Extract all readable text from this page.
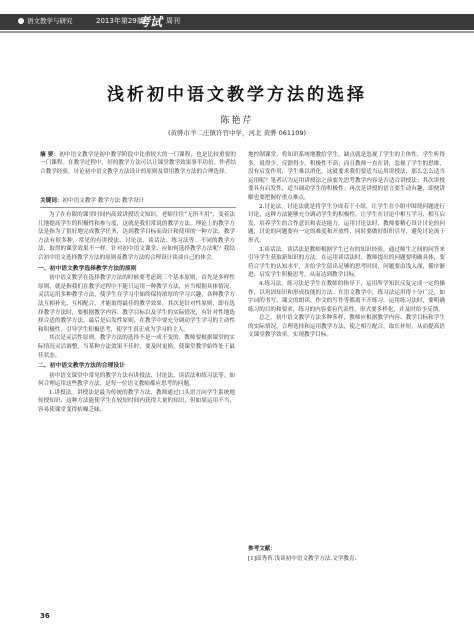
语文教学与研究	2013年第29期
考试 周刊
浅析初中语文教学方法的选择
陈艳芹
(黄骅市羊二庄镇许官中学，河北 黄骅 061109)
摘 要：初中语文教学是初中教学阶段中比重较大的一门课程，也是比较重要的一门课程。在教学过程中，好的教学方法可以让课堂教学效果事半功倍。作者结合教学经验，讨论初中语文教学方法设计的原则及常用教学方法的合理选择。
关键词：初中语文教学 教学方法 教学设计

为了在有限的课堂时间内高效讲授语文知识，老师往往“无所不用”，变着法儿地提高学生的积极性和参与度，这就是我们常说的教学方法。理论上的教学方法是指为了很好地完成教学任务，达到教学目标而设计和使用的一种方法。教学方法有很多种，常见的有讲授法、讨论法、谈话法、练习法等。不同的教学方法，取得的课堂效果不一样。针对初中语文课堂，应如何选择教学方法呢？我结合初中语文选择教学方法的原则及教学方法的合理设计谈谈自己的体会。

一、初中语文教学选择教学方法的原则

初中语文教学在选择教学方法的时候要考虑到三个基本原则，首先是多样性原则，就是指我们在教学过程中不能只运用一种教学方法，应当根据具体情况，灵活运用多种教学方法，使学生在学习中始终保持浓厚的学习兴趣，各种教学方法互相补充、互相配合，才能取得最佳的教学效果。其次是针对性原则，即在选择教学方法时，要根据教学内容、教学目标以及学生的实际情况，有针对性地选择合适的教学方法。最后是启发性原则，在教学中要充分调动学生学习的主动性和积极性，引导学生积极思考，使学生真正成为学习的主人。

其次是灵活性原则，教学方法的选择不是一成不变的，教师要根据课堂的实际情况灵活调整，当某种方法效果不佳时，要及时更换，使课堂教学始终处于最佳状态。

二、初中语文教学方法的合理设计

初中语文课堂中常见的教学方法有讲授法、讨论法、谈话法和练习法等。如何合理运用这些教学方法，是每一位语文教师都应思考的问题。

1.讲授法。讲授法是最为传统的教学方法，教师通过口头语言向学生系统地传授知识，这种方法能使学生在较短时间内获得大量的知识，但如果运用不当，容易使课堂变得枯燥乏味。

地控制课堂，将知识系统地教给学生，缺点就是忽视了学生的主体性，学生听得多，说得少，反馈得少，积极性不高；而且教师一直在讲，忽视了学生的思维，没有启发作用，学生难以消化。这就要求我们要适当运用讲授法，那么怎么适当运用呢？笔者认为运用讲授法之前要先思考教学内容是否适合讲授法；其次讲授要具有启发性，适当调动学生的积极性；再次是讲授的语言要生动有趣，即便讲解也要把握好重点难点。

2.讨论法。讨论法就是将学生分成若干小组，让学生在小组中围绕问题进行讨论，这种方法能够充分调动学生的积极性，让学生在讨论中相互学习、相互启发，培养学生的合作意识和表达能力。运用讨论法时，教师要精心设计讨论的问题，讨论的问题要有一定的难度和开放性，同时要做好组织引导，避免讨论流于形式。

3.谈话法。谈话法是教师根据学生已有的知识经验，通过师生之间的问答来引导学生获取新知识的方法。在运用谈话法时，教师提出的问题要明确具体，要符合学生的认知水平，并给学生留出足够的思考时间，问题要由浅入深，循序渐进，启发学生积极思考，从而达到教学目标。

4.练习法。练习法是学生在教师的指导下，运用所学知识反复完成一定的操作，以巩固知识和形成技能的方法。在语文教学中，练习法运用得十分广泛，如字词的书写、课文的朗读、作文的写作等都离不开练习。运用练习法时，要明确练习的目的和要求，练习的内容要有代表性，形式要多样化，并及时给予反馈。

总之，初中语文教学方法多种多样，教师应根据教学内容、教学目标和学生的实际情况，合理选择和运用教学方法，使之相互配合，取长补短，从而提高语文课堂教学效率，实现教学目标。

参考文献：
[1]邱秀苔.浅谈初中语文教学方法.文学教育.
36
